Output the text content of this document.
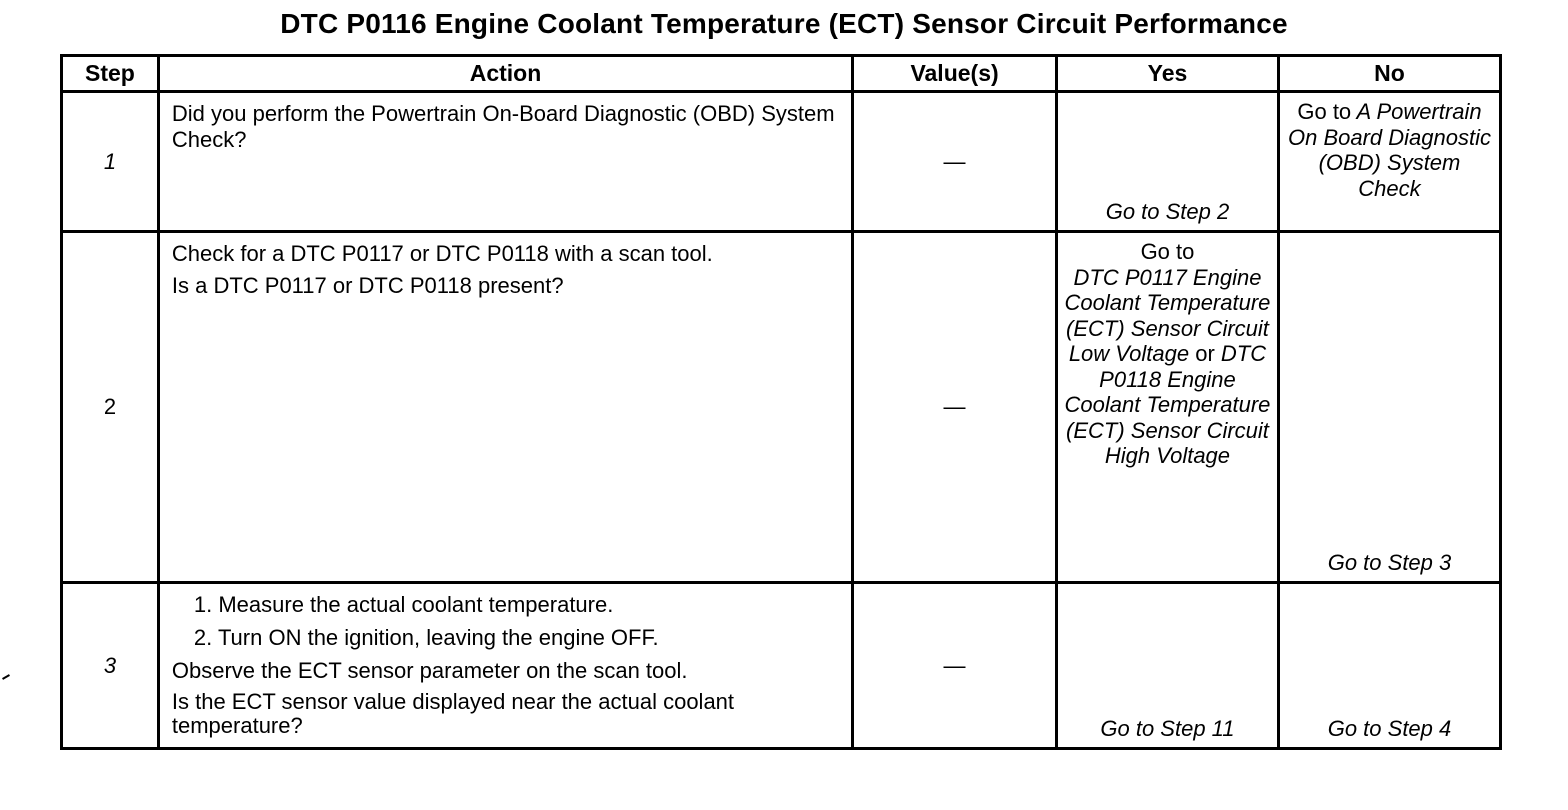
DTC P0116 Engine Coolant Temperature (ECT) Sensor Circuit Performance
Step	Action	Value(s)	Yes	No
1	Did you perform the Powertrain On-Board Diagnostic (OBD) System Check?	—	Go to Step 2	Go to A Powertrain On Board Diagnostic (OBD) System Check
2	Check for a DTC P0117 or DTC P0118 with a scan tool.
Is a DTC P0117 or DTC P0118 present?	—	Go to
DTC P0117 Engine Coolant Temperature (ECT) Sensor Circuit Low Voltage or DTC P0118 Engine Coolant Temperature (ECT) Sensor Circuit High Voltage	Go to Step 3
3	1. Measure the actual coolant temperature.
2. Turn ON the ignition, leaving the engine OFF.
Observe the ECT sensor parameter on the scan tool.
Is the ECT sensor value displayed near the actual coolant temperature?	—	Go to Step 11	Go to Step 4
